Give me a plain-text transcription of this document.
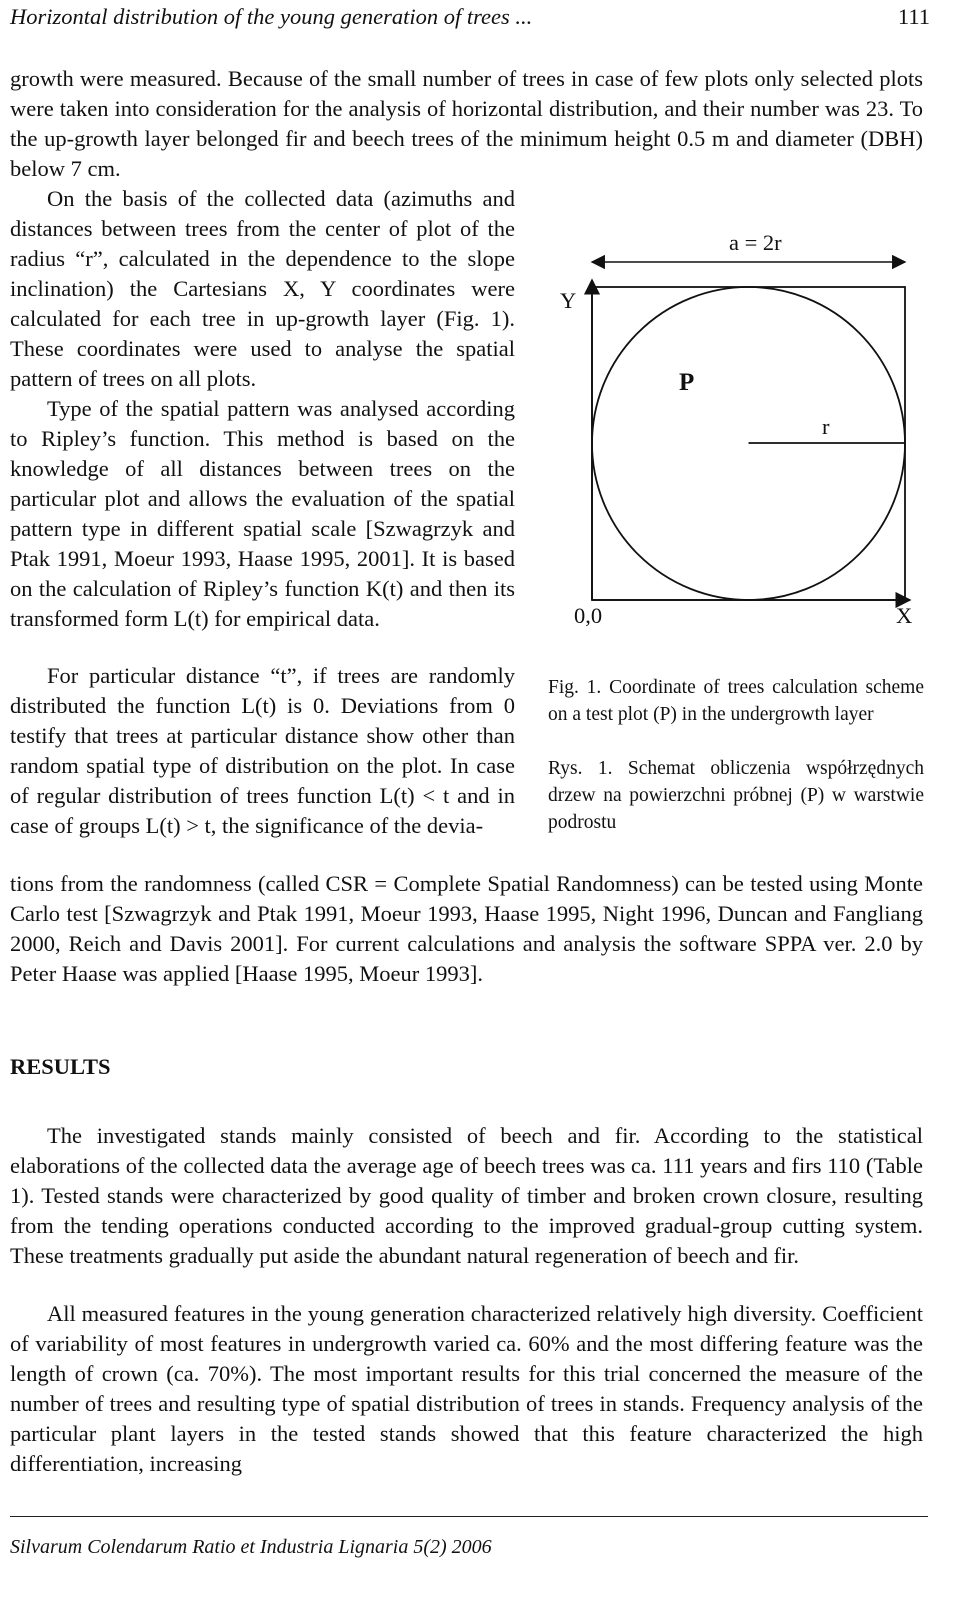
Horizontal distribution of the young generation of trees ...	111
growth were measured. Because of the small number of trees in case of few plots only selected plots were taken into consideration for the analysis of horizontal distribution, and their number was 23. To the up-growth layer belonged fir and beech trees of the minimum height 0.5 m and diameter (DBH) below 7 cm.
On the basis of the collected data (azimuths and distances between trees from the center of plot of the radius “r”, calculated in the dependence to the slope inclination) the Cartesians X, Y coordinates were calculated for each tree in up-growth layer (Fig. 1). These coordinates were used to analyse the spatial pattern of trees on all plots.
Type of the spatial pattern was analysed according to Ripley’s function. This method is based on the knowledge of all distances between trees on the particular plot and allows the evaluation of the spatial pattern type in different spatial scale [Szwagrzyk and Ptak 1991, Moeur 1993, Haase 1995, 2001]. It is based on the calculation of Ripley’s function K(t) and then its transformed form L(t) for empirical data.
For particular distance “t”, if trees are randomly distributed the function L(t) is 0. Deviations from 0 testify that trees at particular distance show other than random spatial type of distribution on the plot. In case of regular distribution of trees function L(t) < t and in case of groups L(t) > t, the significance of the devia-
tions from the randomness (called CSR = Complete Spatial Randomness) can be tested using Monte Carlo test [Szwagrzyk and Ptak 1991, Moeur 1993, Haase 1995, Night 1996, Duncan and Fangliang 2000, Reich and Davis 2001]. For current calculations and analysis the software SPPA ver. 2.0 by Peter Haase was applied [Haase 1995, Moeur 1993].
RESULTS
The investigated stands mainly consisted of beech and fir. According to the statistical elaborations of the collected data the average age of beech trees was ca. 111 years and firs 110 (Table 1). Tested stands were characterized by good quality of timber and broken crown closure, resulting from the tending operations conducted according to the improved gradual-group cutting system. These treatments gradually put aside the abundant natural regeneration of beech and fir.
All measured features in the young generation characterized relatively high diversity. Coefficient of variability of most features in undergrowth varied ca. 60% and the most differing feature was the length of crown (ca. 70%). The most important results for this trial concerned the measure of the number of trees and resulting type of spatial distribution of trees in stands. Frequency analysis of the particular plant layers in the tested stands showed that this feature characterized the high differentiation, increasing
a = 2r
Y
P
r
0,0	X
Fig. 1. Coordinate of trees calculation scheme on a test plot (P) in the undergrowth layer
Rys. 1. Schemat obliczenia współrzędnych drzew na powierzchni próbnej (P) w warstwie podrostu
Silvarum Colendarum Ratio et Industria Lignaria 5(2) 2006
